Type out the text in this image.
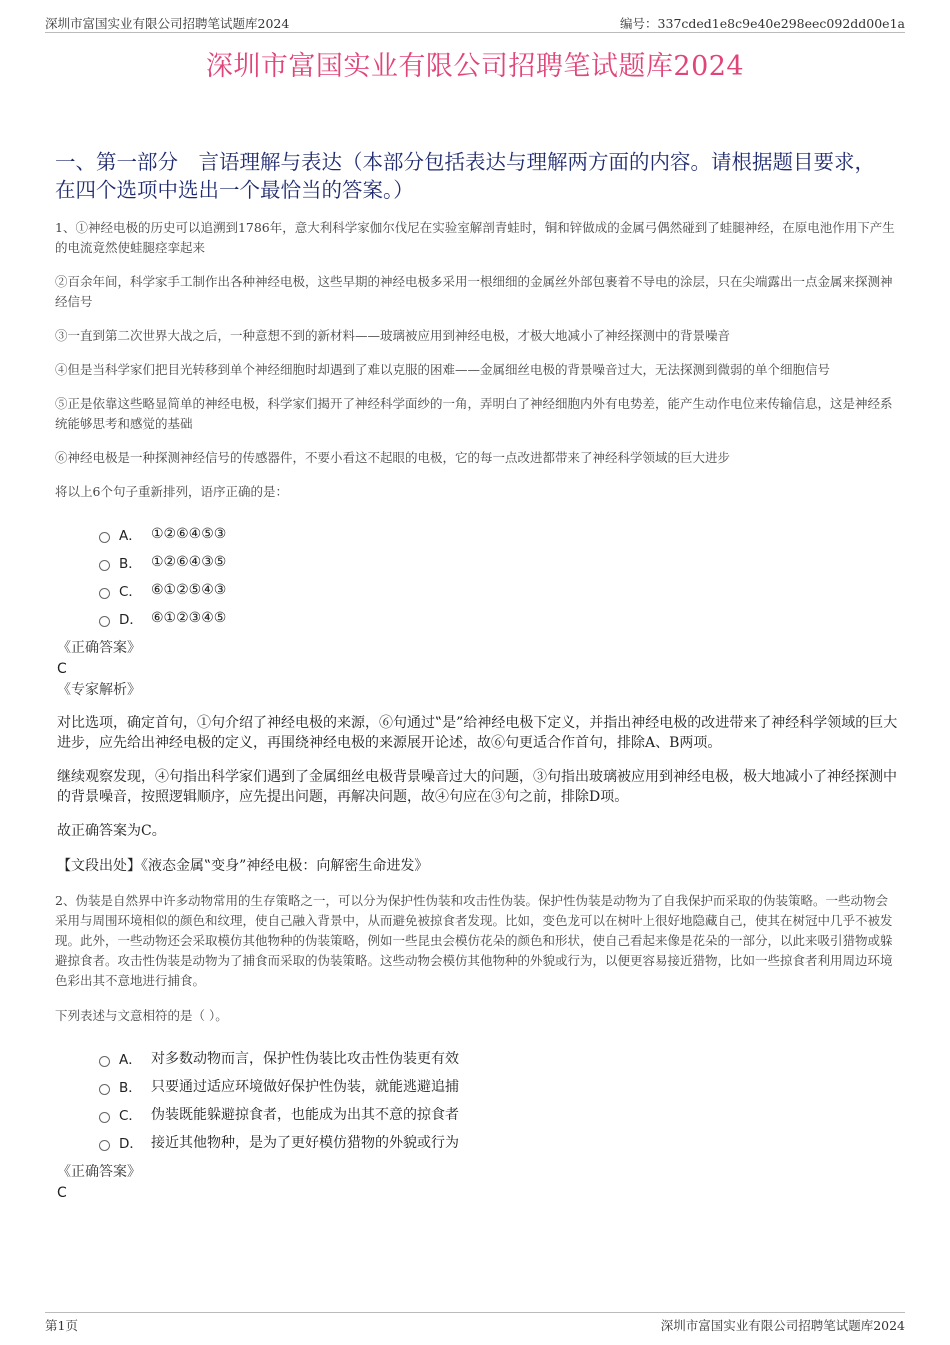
深圳市富国实业有限公司招聘笔试题库2024	编号：337cded1e8c9e40e298eec092dd00e1a
深圳市富国实业有限公司招聘笔试题库2024
一、第一部分　言语理解与表达（本部分包括表达与理解两方面的内容。请根据题目要求，在四个选项中选出一个最恰当的答案。）

1、①神经电极的历史可以追溯到1786年，意大利科学家伽尔伐尼在实验室解剖青蛙时，铜和锌做成的金属弓偶然碰到了蛙腿神经，在原电池作用下产生的电流竟然使蛙腿痉挛起来

②百余年间，科学家手工制作出各种神经电极，这些早期的神经电极多采用一根细细的金属丝外部包裹着不导电的涂层，只在尖端露出一点金属来探测神经信号

③一直到第二次世界大战之后，一种意想不到的新材料——玻璃被应用到神经电极，才极大地减小了神经探测中的背景噪音

④但是当科学家们把目光转移到单个神经细胞时却遇到了难以克服的困难——金属细丝电极的背景噪音过大，无法探测到微弱的单个细胞信号

⑤正是依靠这些略显简单的神经电极，科学家们揭开了神经科学面纱的一角，弄明白了神经细胞内外有电势差，能产生动作电位来传输信息，这是神经系统能够思考和感觉的基础

⑥神经电极是一种探测神经信号的传感器件，不要小看这不起眼的电极，它的每一点改进都带来了神经科学领域的巨大进步

将以上6个句子重新排列，语序正确的是：

A． ①②⑥④⑤③
B． ①②⑥④③⑤
C． ⑥①②⑤④③
D． ⑥①②③④⑤
《正确答案》
C
《专家解析》

对比选项，确定首句，①句介绍了神经电极的来源，⑥句通过‟是”给神经电极下定义，并指出神经电极的改进带来了神经科学领域的巨大进步，应先给出神经电极的定义，再围绕神经电极的来源展开论述，故⑥句更适合作首句，排除A、B两项。

继续观察发现，④句指出科学家们遇到了金属细丝电极背景噪音过大的问题，③句指出玻璃被应用到神经电极，极大地减小了神经探测中的背景噪音，按照逻辑顺序，应先提出问题，再解决问题，故④句应在③句之前，排除D项。

故正确答案为C。

【文段出处】《液态金属‟变身”神经电极：向解密生命进发》

2、伪装是自然界中许多动物常用的生存策略之一，可以分为保护性伪装和攻击性伪装。保护性伪装是动物为了自我保护而采取的伪装策略。一些动物会采用与周围环境相似的颜色和纹理，使自己融入背景中，从而避免被掠食者发现。比如，变色龙可以在树叶上很好地隐藏自己，使其在树冠中几乎不被发现。此外，一些动物还会采取模仿其他物种的伪装策略，例如一些昆虫会模仿花朵的颜色和形状，使自己看起来像是花朵的一部分，以此来吸引猎物或躲避掠食者。攻击性伪装是动物为了捕食而采取的伪装策略。这些动物会模仿其他物种的外貌或行为，以便更容易接近猎物，比如一些掠食者利用周边环境色彩出其不意地进行捕食。

下列表述与文意相符的是（ ）。

A． 对多数动物而言，保护性伪装比攻击性伪装更有效
B． 只要通过适应环境做好保护性伪装，就能逃避追捕
C． 伪装既能躲避掠食者，也能成为出其不意的掠食者
D． 接近其他物种，是为了更好模仿猎物的外貌或行为
《正确答案》
C
第1页	深圳市富国实业有限公司招聘笔试题库2024
